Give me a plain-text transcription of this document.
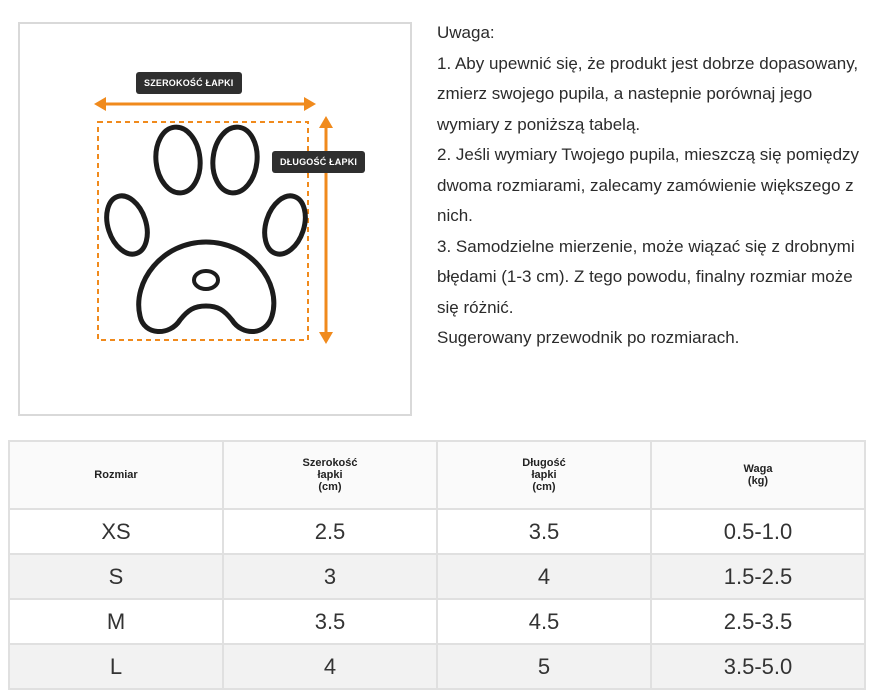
SZEROKOŚĆ ŁAPKI
DŁUGOŚĆ ŁAPKI

Uwaga:

1. Aby upewnić się, że produkt jest dobrze dopasowany, zmierz swojego pupila, a nastepnie porównaj jego wymiary z poniższą tabelą.

2. Jeśli wymiary Twojego pupila, mieszczą się pomiędzy dwoma rozmiarami, zalecamy zamówienie większego z nich.

3. Samodzielne mierzenie, może wiązać się z drobnymi błędami (1-3 cm). Z tego powodu, finalny rozmiar może się różnić.

Sugerowany przewodnik po rozmiarach.

Rozmiar	Szerokość
łapki
(cm)	Długość
łapki
(cm)	Waga
(kg)
XS	2.5	3.5	0.5-1.0
S	3	4	1.5-2.5
M	3.5	4.5	2.5-3.5
L	4	5	3.5-5.0
